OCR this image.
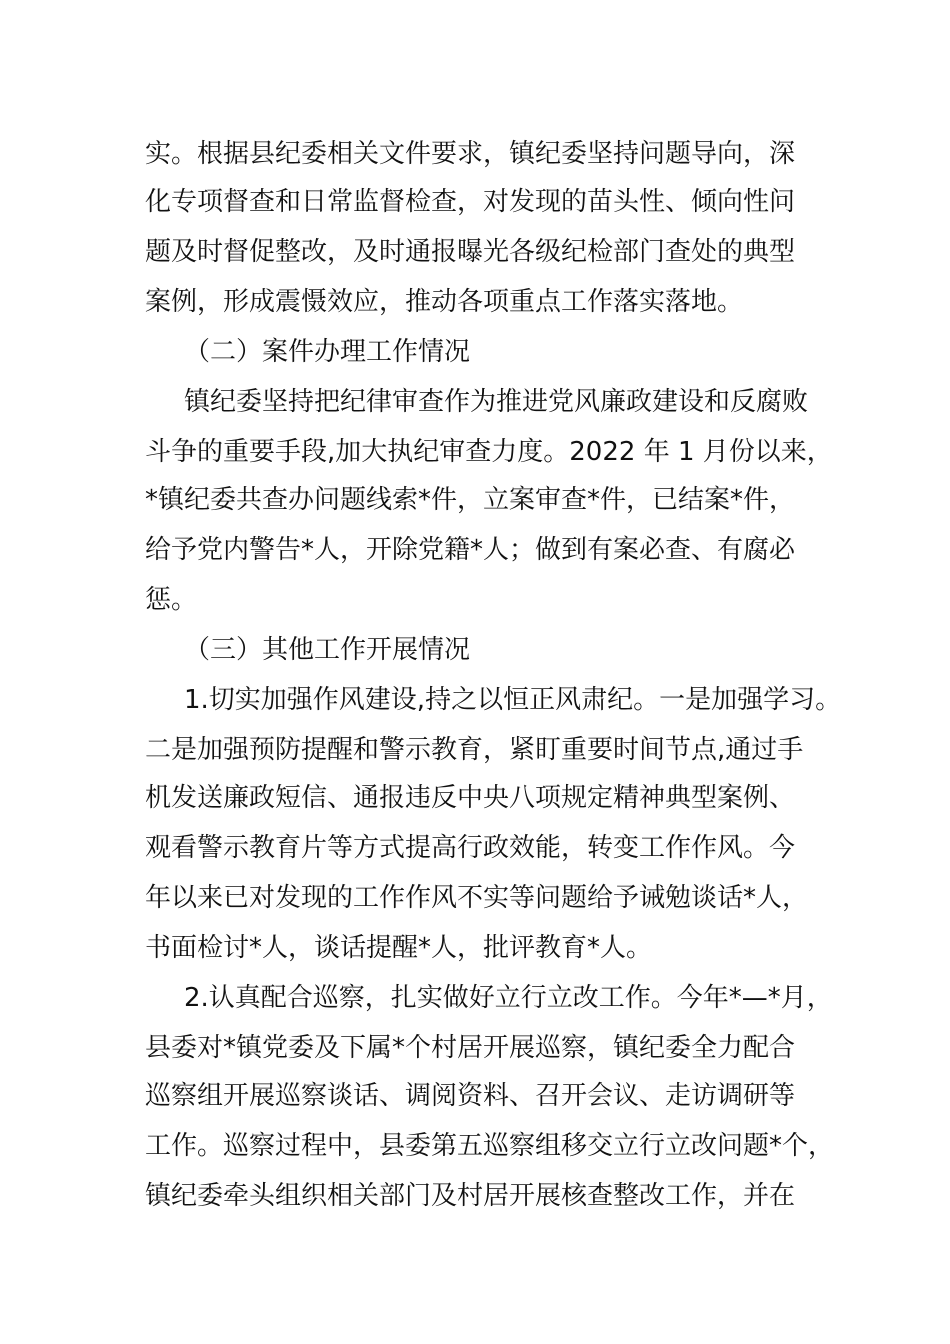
实。根据县纪委相关文件要求，镇纪委坚持问题导向，深
化专项督查和日常监督检查，对发现的苗头性、倾向性问
题及时督促整改，及时通报曝光各级纪检部门查处的典型
案例，形成震慑效应，推动各项重点工作落实落地。
（二）案件办理工作情况
镇纪委坚持把纪律审查作为推进党风廉政建设和反腐败
斗争的重要手段,加大执纪审查力度。2022 年 1 月份以来，
*镇纪委共查办问题线索*件，立案审查*件，已结案*件，
给予党内警告*人，开除党籍*人；做到有案必查、有腐必
惩。
（三）其他工作开展情况
1.切实加强作风建设,持之以恒正风肃纪。一是加强学习。
二是加强预防提醒和警示教育，紧盯重要时间节点,通过手
机发送廉政短信、通报违反中央八项规定精神典型案例、
观看警示教育片等方式提高行政效能，转变工作作风。今
年以来已对发现的工作作风不实等问题给予诫勉谈话*人，
书面检讨*人，谈话提醒*人，批评教育*人。
2.认真配合巡察，扎实做好立行立改工作。今年*—*月，
县委对*镇党委及下属*个村居开展巡察，镇纪委全力配合
巡察组开展巡察谈话、调阅资料、召开会议、走访调研等
工作。巡察过程中，县委第五巡察组移交立行立改问题*个，
镇纪委牵头组织相关部门及村居开展核查整改工作，并在
